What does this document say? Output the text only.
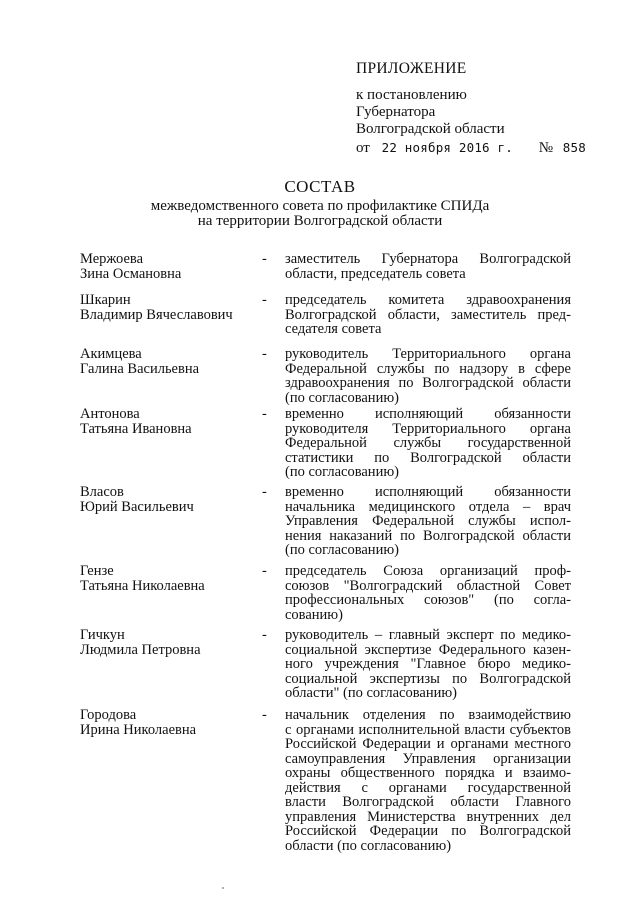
ПРИЛОЖЕНИЕ
к постановлению
Губернатора
Волгоградской области
от 22 ноября 2016 г. № 858
СОСТАВ
межведомственного совета по профилактике СПИДа
на территории Волгоградской области
Мержоева
Зина Османовна
- заместитель Губернатора Волгоградской
области, председатель совета
Шкарин
Владимир Вячеславович
- председатель комитета здравоохранения
Волгоградской области, заместитель пред-
седателя совета
Акимцева
Галина Васильевна
- руководитель Территориального органа
Федеральной службы по надзору в сфере
здравоохранения по Волгоградской области
(по согласованию)
Антонова
Татьяна Ивановна
- временно исполняющий обязанности
руководителя Территориального органа
Федеральной службы государственной
статистики по Волгоградской области
(по согласованию)
Власов
Юрий Васильевич
- временно исполняющий обязанности
начальника медицинского отдела – врач
Управления Федеральной службы испол-
нения наказаний по Волгоградской области
(по согласованию)
Гензе
Татьяна Николаевна
- председатель Союза организаций проф-
союзов "Волгоградский областной Совет
профессиональных союзов" (по согла-
сованию)
Гичкун
Людмила Петровна
- руководитель – главный эксперт по медико-
социальной экспертизе Федерального казен-
ного учреждения "Главное бюро медико-
социальной экспертизы по Волгоградской
области" (по согласованию)
Городова
Ирина Николаевна
- начальник отделения по взаимодействию
с органами исполнительной власти субъектов
Российской Федерации и органами местного
самоуправления Управления организации
охраны общественного порядка и взаимо-
действия с органами государственной
власти Волгоградской области Главного
управления Министерства внутренних дел
Российской Федерации по Волгоградской
области (по согласованию)
